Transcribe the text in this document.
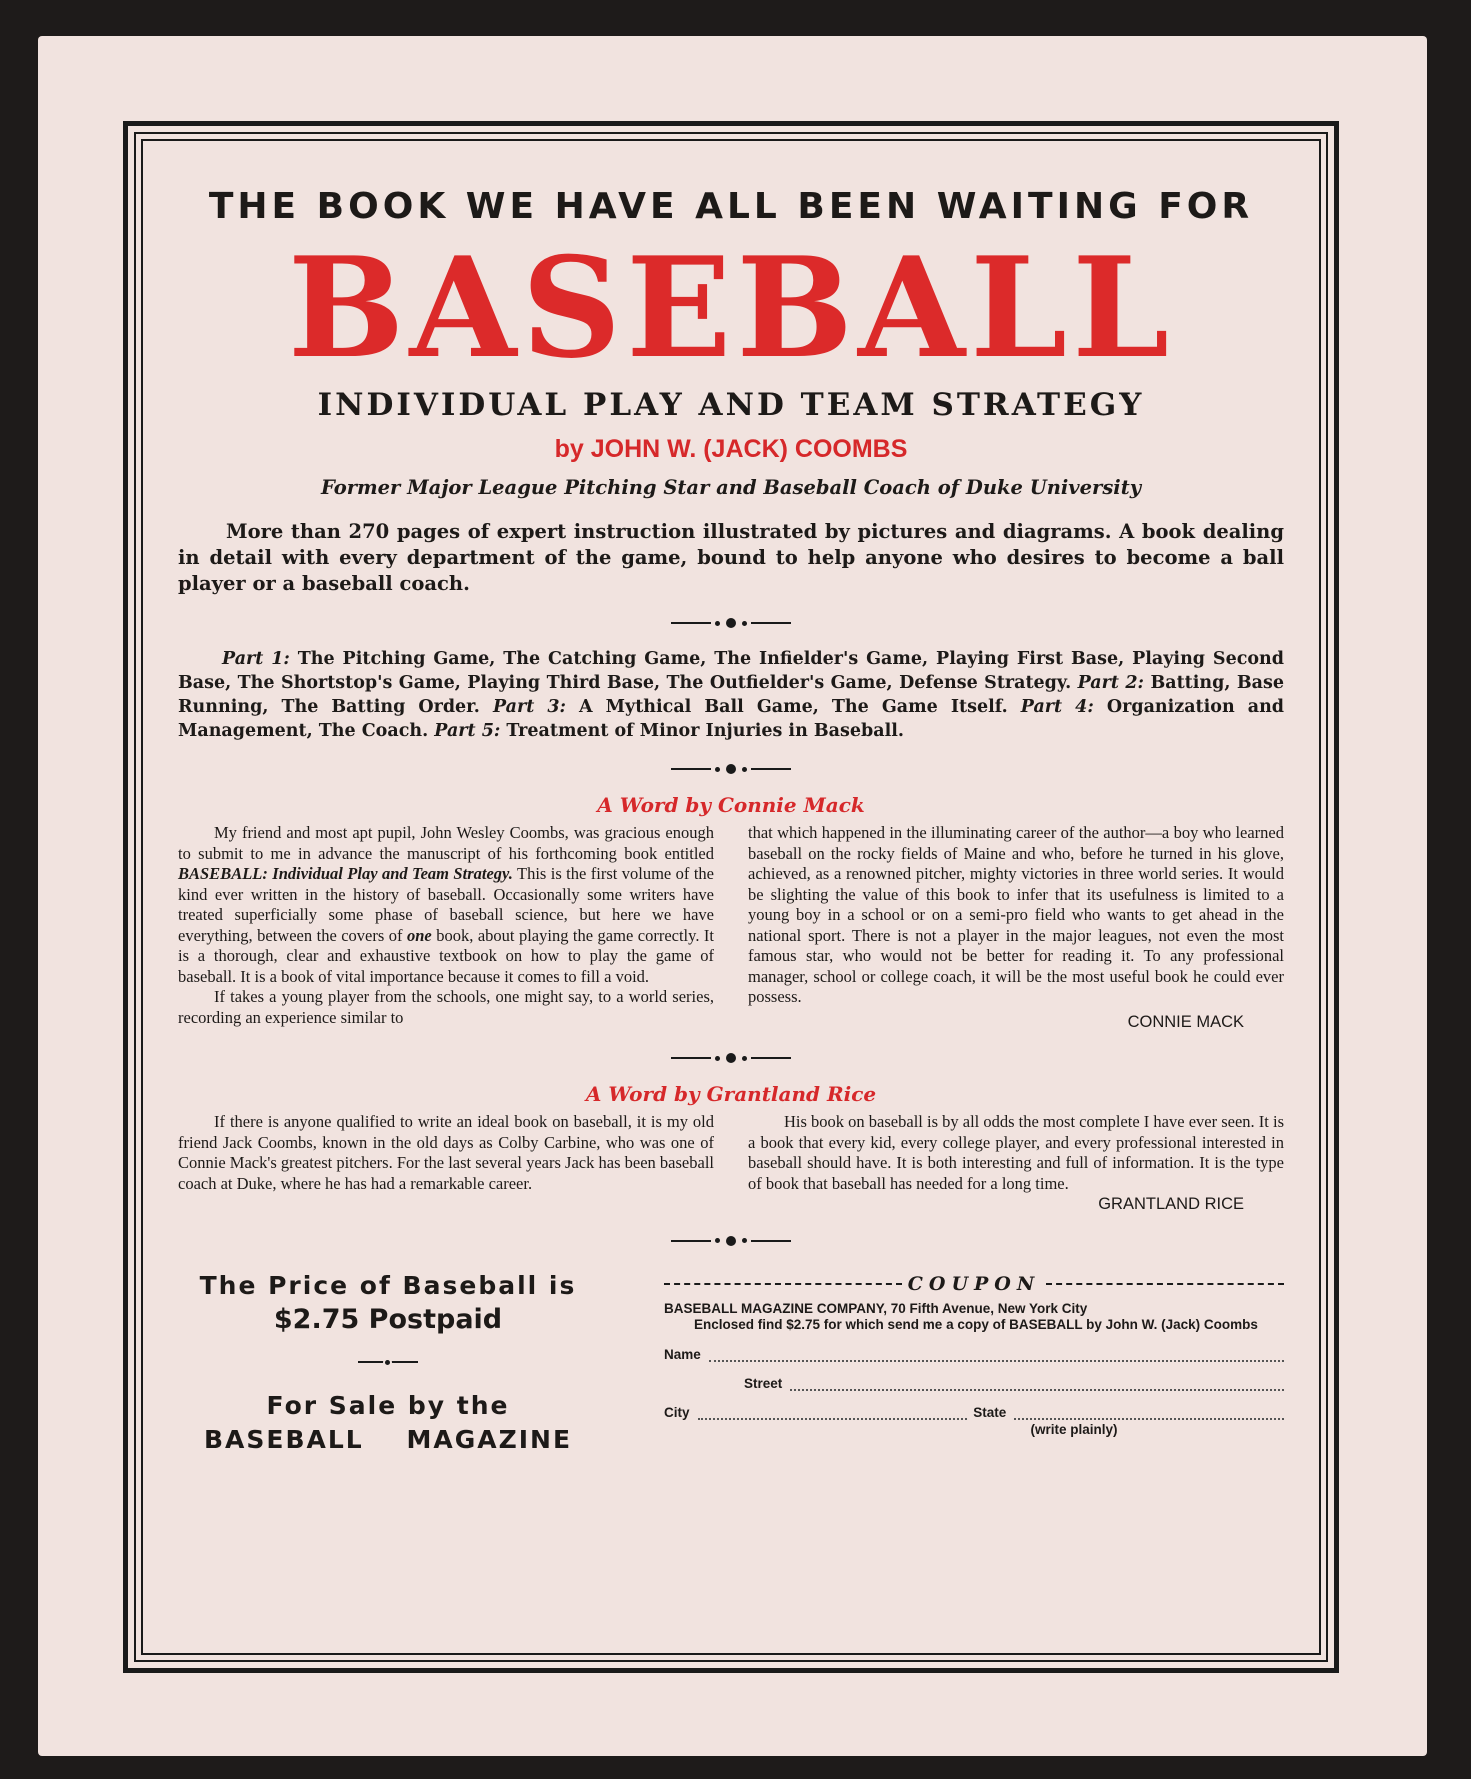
THE BOOK WE HAVE ALL BEEN WAITING FOR
BASEBALL
INDIVIDUAL PLAY AND TEAM STRATEGY
by JOHN W. (JACK) COOMBS
Former Major League Pitching Star and Baseball Coach of Duke University

More than 270 pages of expert instruction illustrated by pictures and diagrams. A book dealing in detail with every department of the game, bound to help anyone who desires to become a ball player or a baseball coach.

Part 1: The Pitching Game, The Catching Game, The Infielder's Game, Playing First Base, Playing Second Base, The Shortstop's Game, Playing Third Base, The Outfielder's Game, Defense Strategy. Part 2: Batting, Base Running, The Batting Order. Part 3: A Mythical Ball Game, The Game Itself. Part 4: Organization and Management, The Coach. Part 5: Treatment of Minor Injuries in Baseball.

A Word by Connie Mack

My friend and most apt pupil, John Wesley Coombs, was gracious enough to submit to me in advance the manuscript of his forthcoming book entitled BASEBALL: Individual Play and Team Strategy. This is the first volume of the kind ever written in the history of baseball. Occasionally some writers have treated superficially some phase of baseball science, but here we have everything, between the covers of one book, about playing the game correctly. It is a thorough, clear and exhaustive textbook on how to play the game of baseball. It is a book of vital importance because it comes to fill a void.

If takes a young player from the schools, one might say, to a world series, recording an experience similar to

that which happened in the illuminating career of the author—a boy who learned baseball on the rocky fields of Maine and who, before he turned in his glove, achieved, as a renowned pitcher, mighty victories in three world series. It would be slighting the value of this book to infer that its usefulness is limited to a young boy in a school or on a semi-pro field who wants to get ahead in the national sport. There is not a player in the major leagues, not even the most famous star, who would not be better for reading it. To any professional manager, school or college coach, it will be the most useful book he could ever possess.

CONNIE MACK
A Word by Grantland Rice

If there is anyone qualified to write an ideal book on baseball, it is my old friend Jack Coombs, known in the old days as Colby Carbine, who was one of Connie Mack's greatest pitchers. For the last several years Jack has been baseball coach at Duke, where he has had a remarkable career.

His book on baseball is by all odds the most complete I have ever seen. It is a book that every kid, every college player, and every professional interested in baseball should have. It is both interesting and full of information. It is the type of book that baseball has needed for a long time.
GRANTLAND RICE

The Price of Baseball is
$2.75 Postpaid
For Sale by the
BASEBALL    MAGAZINE
COUPON
BASEBALL MAGAZINE COMPANY, 70 Fifth Avenue, New York City
Enclosed find $2.75 for which send me a copy of BASEBALL by John W. (Jack) Coombs
Name
Street
City	State
(write plainly)
